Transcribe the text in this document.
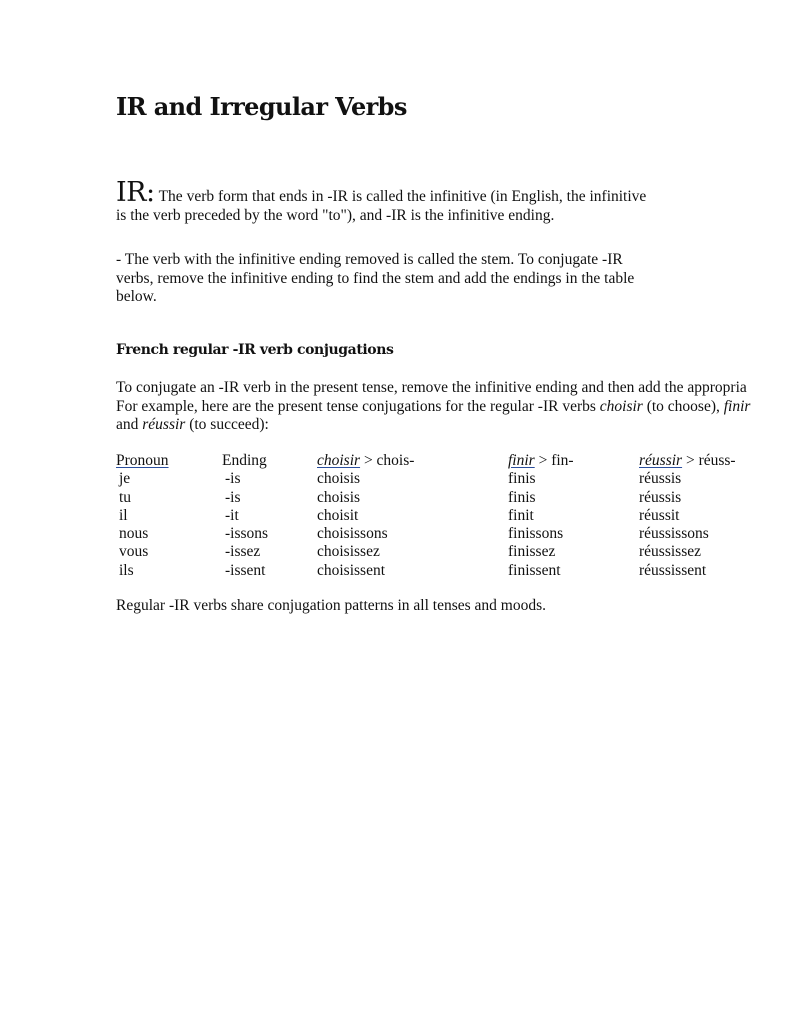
IR and Irregular Verbs

IR: The verb form that ends in -IR is called the infinitive (in English, the infinitive
is the verb preceded by the word "to"), and -IR is the infinitive ending.

- The verb with the infinitive ending removed is called the stem. To conjugate -IR
verbs, remove the infinitive ending to find the stem and add the endings in the table
below.

French regular -IR verb conjugations

To conjugate an -IR verb in the present tense, remove the infinitive ending and then add the appropria
For example, here are the present tense conjugations for the regular -IR verbs choisir (to choose), finir
and réussir (to succeed):

Pronoun	Ending	choisir > chois-	finir > fin-	réussir > réuss-
je	-is	choisis	finis	réussis
tu	-is	choisis	finis	réussis
il	-it	choisit	finit	réussit
nous	-issons	choisissons	finissons	réussissons
vous	-issez	choisissez	finissez	réussissez
ils	-issent	choisissent	finissent	réussissent

Regular -IR verbs share conjugation patterns in all tenses and moods.
